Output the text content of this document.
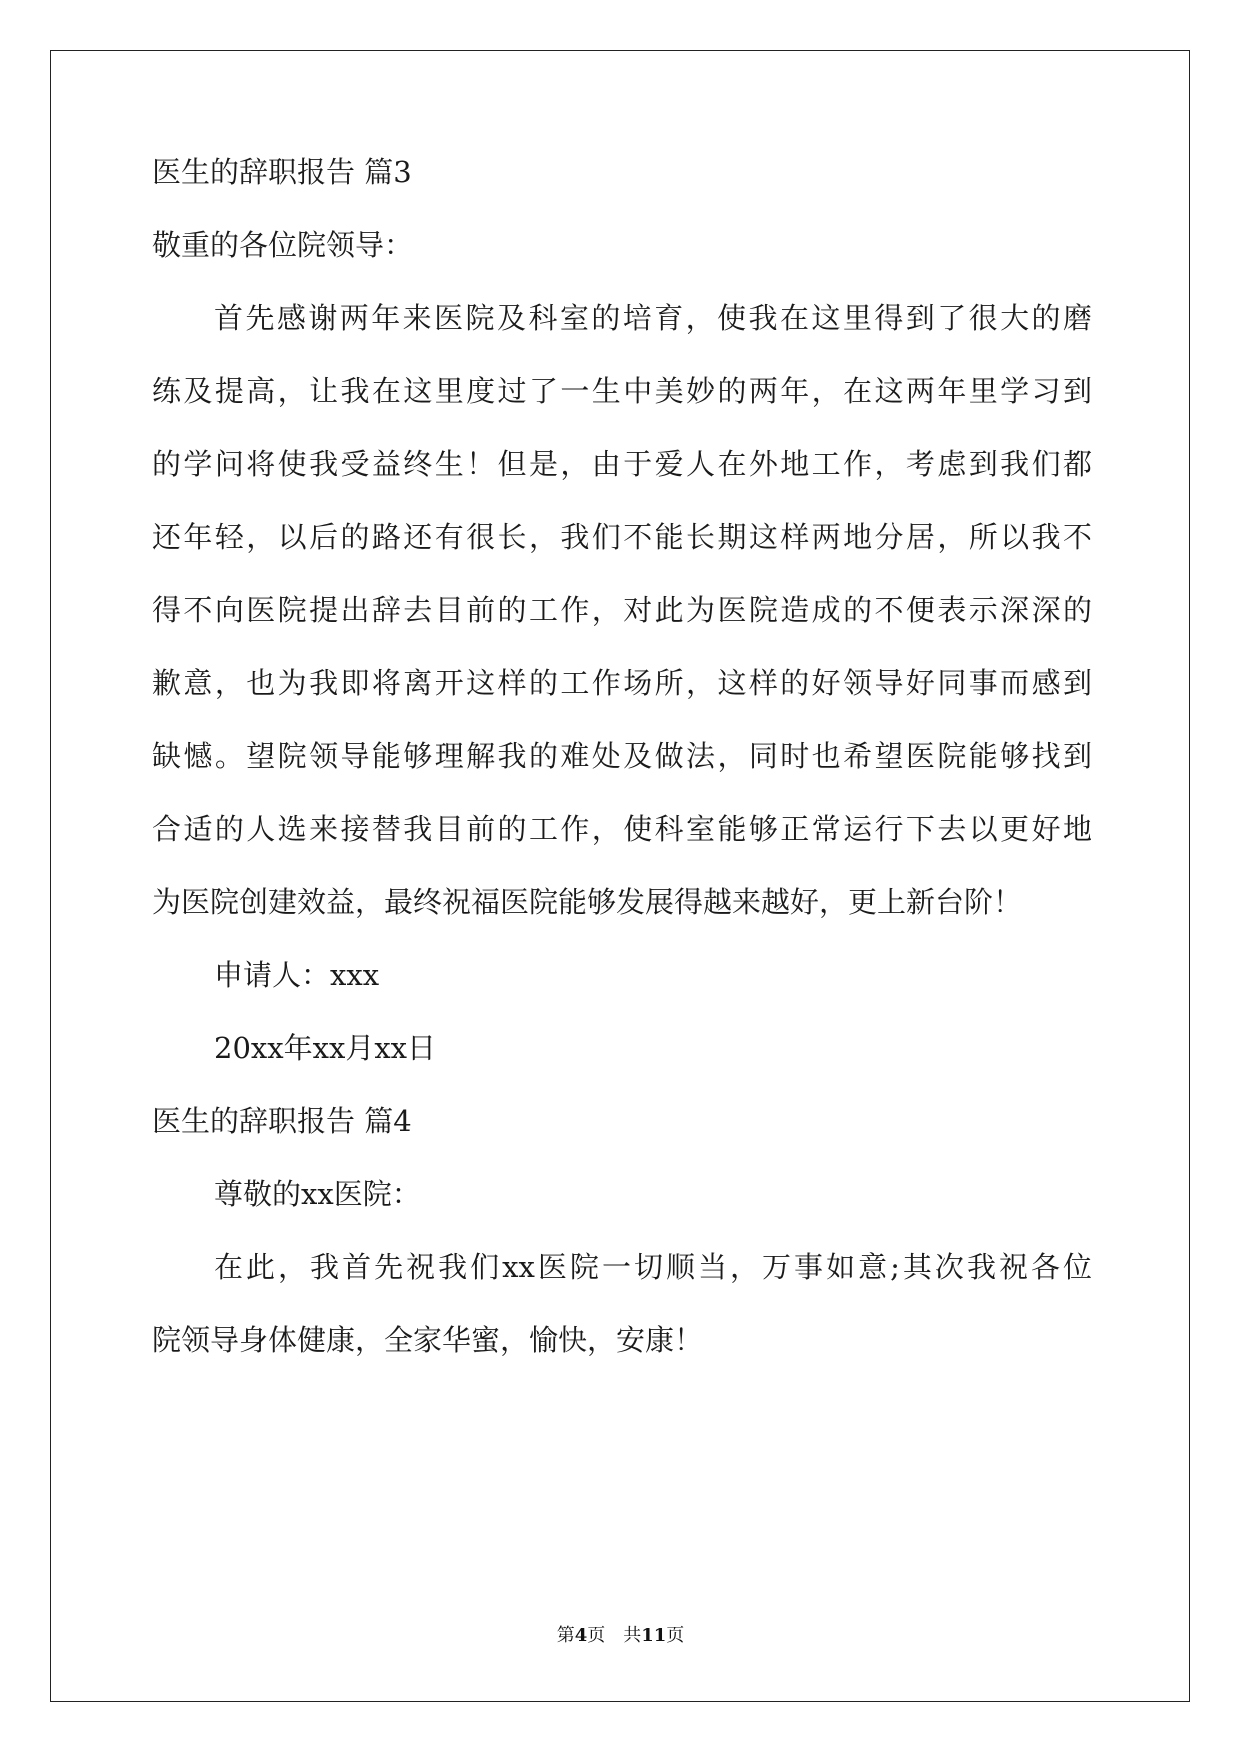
医生的辞职报告 篇3
敬重的各位院领导：
首先感谢两年来医院及科室的培育，使我在这里得到了很大的磨
练及提高，让我在这里度过了一生中美妙的两年，在这两年里学习到
的学问将使我受益终生！但是，由于爱人在外地工作，考虑到我们都
还年轻，以后的路还有很长，我们不能长期这样两地分居，所以我不
得不向医院提出辞去目前的工作，对此为医院造成的不便表示深深的
歉意，也为我即将离开这样的工作场所，这样的好领导好同事而感到
缺憾。望院领导能够理解我的难处及做法，同时也希望医院能够找到
合适的人选来接替我目前的工作，使科室能够正常运行下去以更好地
为医院创建效益，最终祝福医院能够发展得越来越好，更上新台阶！
申请人：xxx
20xx年xx月xx日
医生的辞职报告 篇4
尊敬的xx医院：
在此，我首先祝我们xx医院一切顺当，万事如意;其次我祝各位
院领导身体健康，全家华蜜，愉快，安康！
第4页　共11页
